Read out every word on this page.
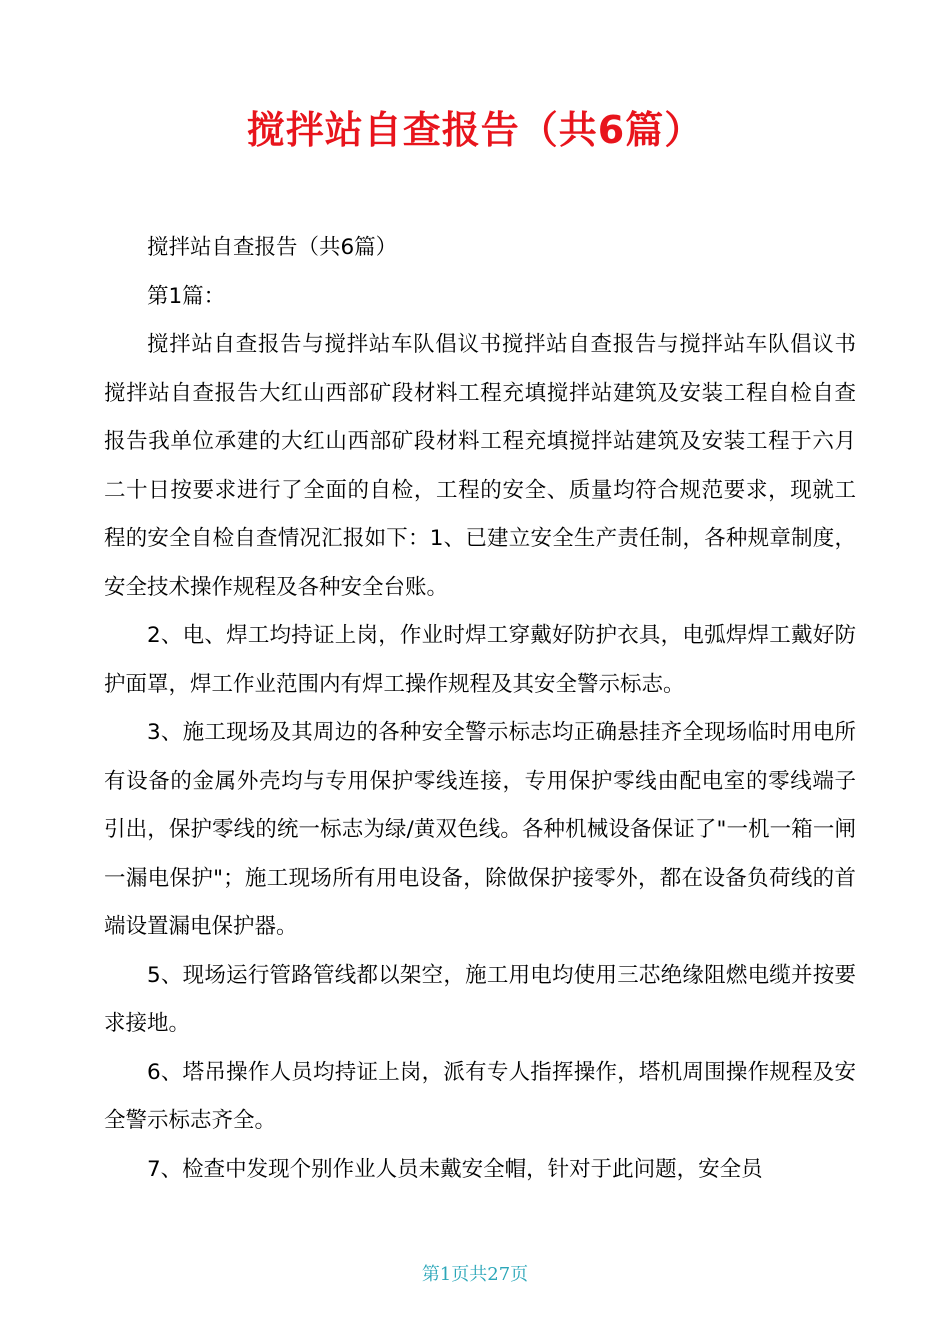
搅拌站自查报告（共6篇）

搅拌站自查报告（共6篇）

第1篇：

搅拌站自查报告与搅拌站车队倡议书搅拌站自查报告与搅拌站车队倡议书搅拌站自查报告大红山西部矿段材料工程充填搅拌站建筑及安装工程自检自查报告我单位承建的大红山西部矿段材料工程充填搅拌站建筑及安装工程于六月二十日按要求进行了全面的自检，工程的安全、质量均符合规范要求，现就工程的安全自检自查情况汇报如下：1、已建立安全生产责任制，各种规章制度，安全技术操作规程及各种安全台账。

2、电、焊工均持证上岗，作业时焊工穿戴好防护衣具，电弧焊焊工戴好防护面罩，焊工作业范围内有焊工操作规程及其安全警示标志。

3、施工现场及其周边的各种安全警示标志均正确悬挂齐全现场临时用电所有设备的金属外壳均与专用保护零线连接，专用保护零线由配电室的零线端子引出，保护零线的统一标志为绿/黄双色线。各种机械设备保证了"一机一箱一闸一漏电保护"；施工现场所有用电设备，除做保护接零外，都在设备负荷线的首端设置漏电保护器。

5、现场运行管路管线都以架空，施工用电均使用三芯绝缘阻燃电缆并按要求接地。

6、塔吊操作人员均持证上岗，派有专人指挥操作，塔机周围操作规程及安全警示标志齐全。

7、检查中发现个别作业人员未戴安全帽，针对于此问题，安全员

第1页共27页
